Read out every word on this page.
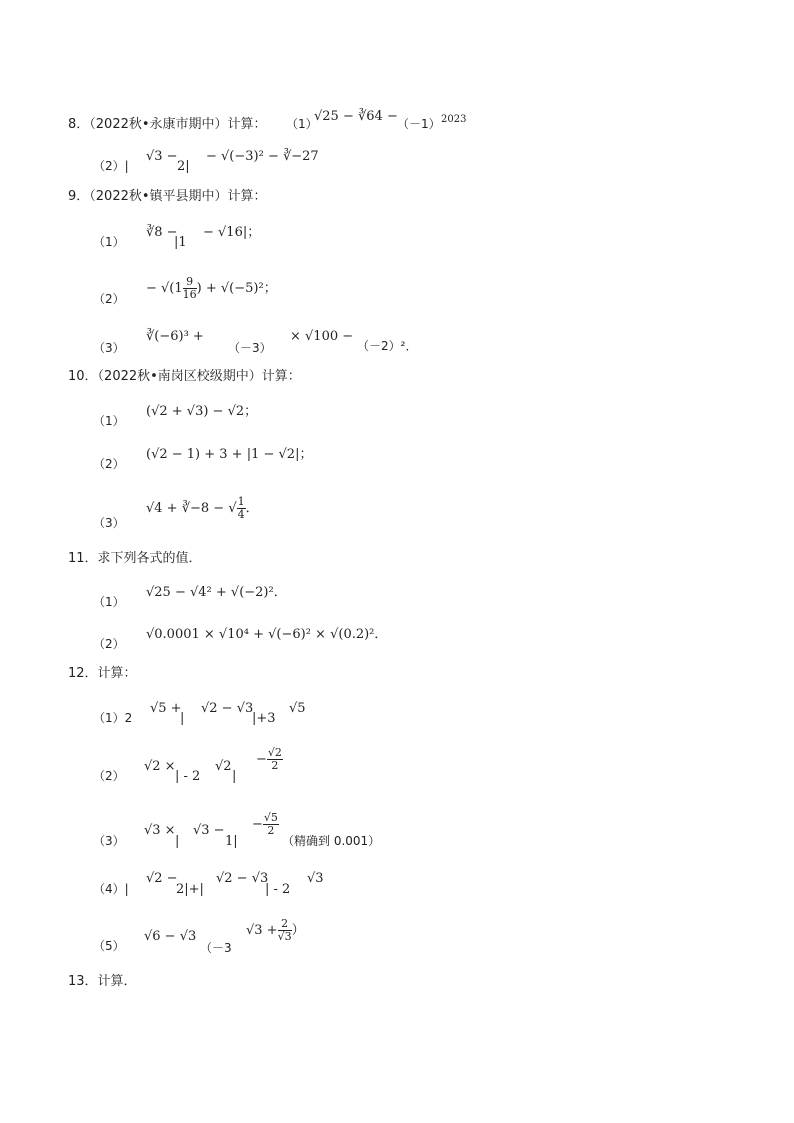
8．（2022秋•永康市期中）计算： （1）
√25 − ∛64 − （－1） 2023
（2）|
√3 −
2|
− √(−3)² − ∛−27
9．（2022秋•镇平县期中）计算：
（1）
∛8 −
|1
− √16|；
（2）
− $√(1 \frac{9}{16}$ ) + √(−5)²；
（3）
∛(−6)³ +
（－3）
× √100 −
（－2）²．
10．（2022秋•南岗区校级期中）计算：
（1）
(√2 + √3) − √2；
（2）
(√2 − 1) + 3 + |1 − √2|；
（3）
√4 + ∛−8 − √ $\frac{1}{4}$ ．
11．求下列各式的值．
（1）
√25 − √4² + √(−2)²．
（2）
√0.0001 × √10⁴ + √(−6)² × √(0.2)²．
12．计算：
（1）2
√5 +
|
√2 − √3
|+3
√5
（2）
√2 ×
| - 2
√2
|
− $\frac{√2}{2}$
（3）
√3 ×
|
√3 −
1|
− $\frac{√5}{2}$
（精确到 0.001）
（4）|
√2 −
2|+|
√2 − √3
| - 2
√3
（5）
√6 − √3
（－3
$√3 + \frac{2}{√3}$ ）
13．计算．
